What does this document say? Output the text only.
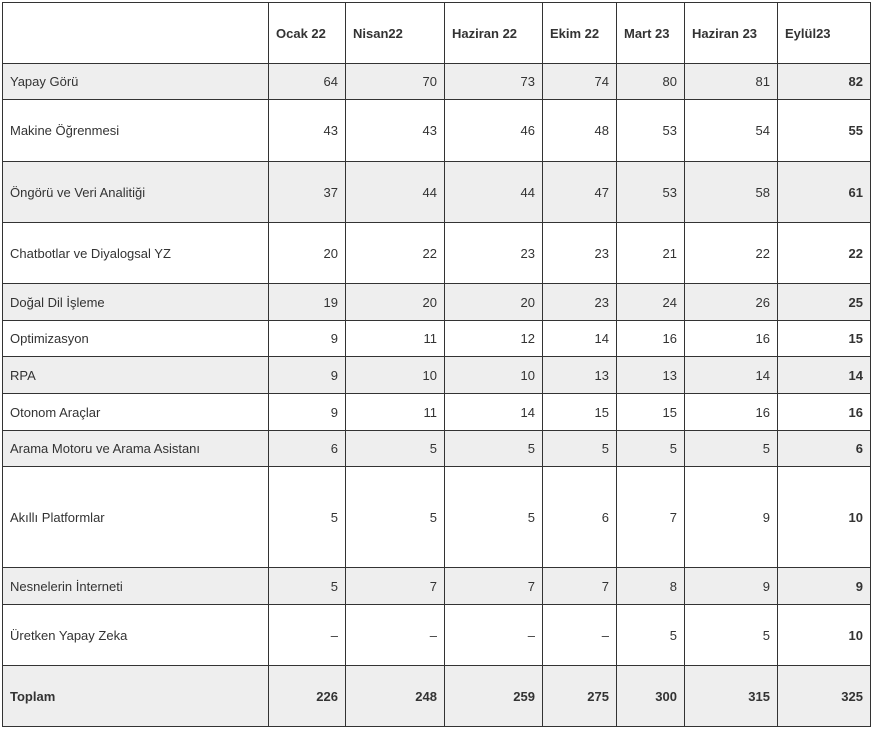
	Ocak 22	Nisan22	Haziran 22	Ekim 22	Mart 23	Haziran 23	Eylül23
Yapay Görü	64	70	73	74	80	81	82
Makine Öğrenmesi	43	43	46	48	53	54	55
Öngörü ve Veri Analitiği	37	44	44	47	53	58	61
Chatbotlar ve Diyalogsal YZ	20	22	23	23	21	22	22
Doğal Dil İşleme	19	20	20	23	24	26	25
Optimizasyon	9	11	12	14	16	16	15
RPA	9	10	10	13	13	14	14
Otonom Araçlar	9	11	14	15	15	16	16
Arama Motoru ve Arama Asistanı	6	5	5	5	5	5	6
Akıllı Platformlar	5	5	5	6	7	9	10
Nesnelerin İnterneti	5	7	7	7	8	9	9
Üretken Yapay Zeka	–	–	–	–	5	5	10
Toplam	226	248	259	275	300	315	325
